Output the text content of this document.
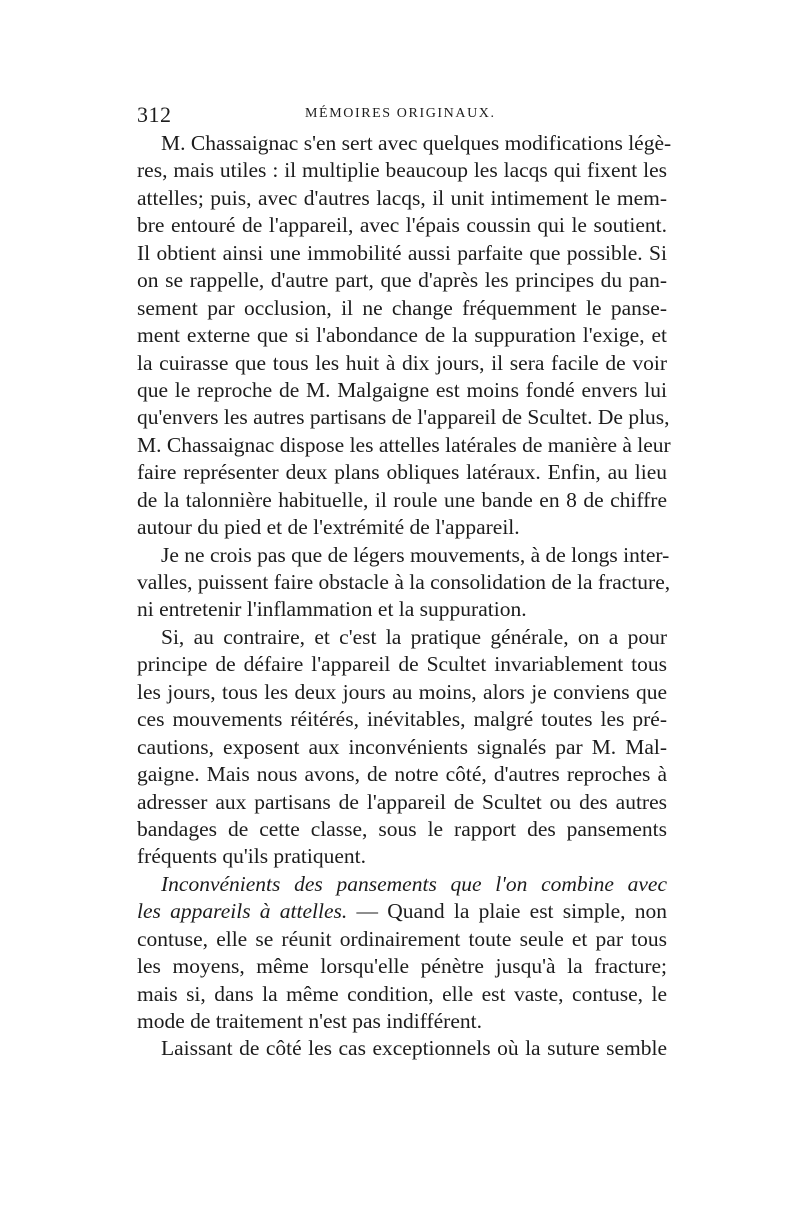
312	MÉMOIRES ORIGINAUX.
M. Chassaignac s'en sert avec quelques modifications légè-
res, mais utiles : il multiplie beaucoup les lacqs qui fixent les
attelles; puis, avec d'autres lacqs, il unit intimement le mem-
bre entouré de l'appareil, avec l'épais coussin qui le soutient.
Il obtient ainsi une immobilité aussi parfaite que possible. Si
on se rappelle, d'autre part, que d'après les principes du pan-
sement par occlusion, il ne change fréquemment le panse-
ment externe que si l'abondance de la suppuration l'exige, et
la cuirasse que tous les huit à dix jours, il sera facile de voir
que le reproche de M. Malgaigne est moins fondé envers lui
qu'envers les autres partisans de l'appareil de Scultet. De plus,
M. Chassaignac dispose les attelles latérales de manière à leur
faire représenter deux plans obliques latéraux. Enfin, au lieu
de la talonnière habituelle, il roule une bande en 8 de chiffre
autour du pied et de l'extrémité de l'appareil.
Je ne crois pas que de légers mouvements, à de longs inter-
valles, puissent faire obstacle à la consolidation de la fracture,
ni entretenir l'inflammation et la suppuration.
Si, au contraire, et c'est la pratique générale, on a pour
principe de défaire l'appareil de Scultet invariablement tous
les jours, tous les deux jours au moins, alors je conviens que
ces mouvements réitérés, inévitables, malgré toutes les pré-
cautions, exposent aux inconvénients signalés par M. Mal-
gaigne. Mais nous avons, de notre côté, d'autres reproches à
adresser aux partisans de l'appareil de Scultet ou des autres
bandages de cette classe, sous le rapport des pansements
fréquents qu'ils pratiquent.
Inconvénients des pansements que l'on combine avec
les appareils à attelles. — Quand la plaie est simple, non
contuse, elle se réunit ordinairement toute seule et par tous
les moyens, même lorsqu'elle pénètre jusqu'à la fracture;
mais si, dans la même condition, elle est vaste, contuse, le
mode de traitement n'est pas indifférent.
Laissant de côté les cas exceptionnels où la suture semble
